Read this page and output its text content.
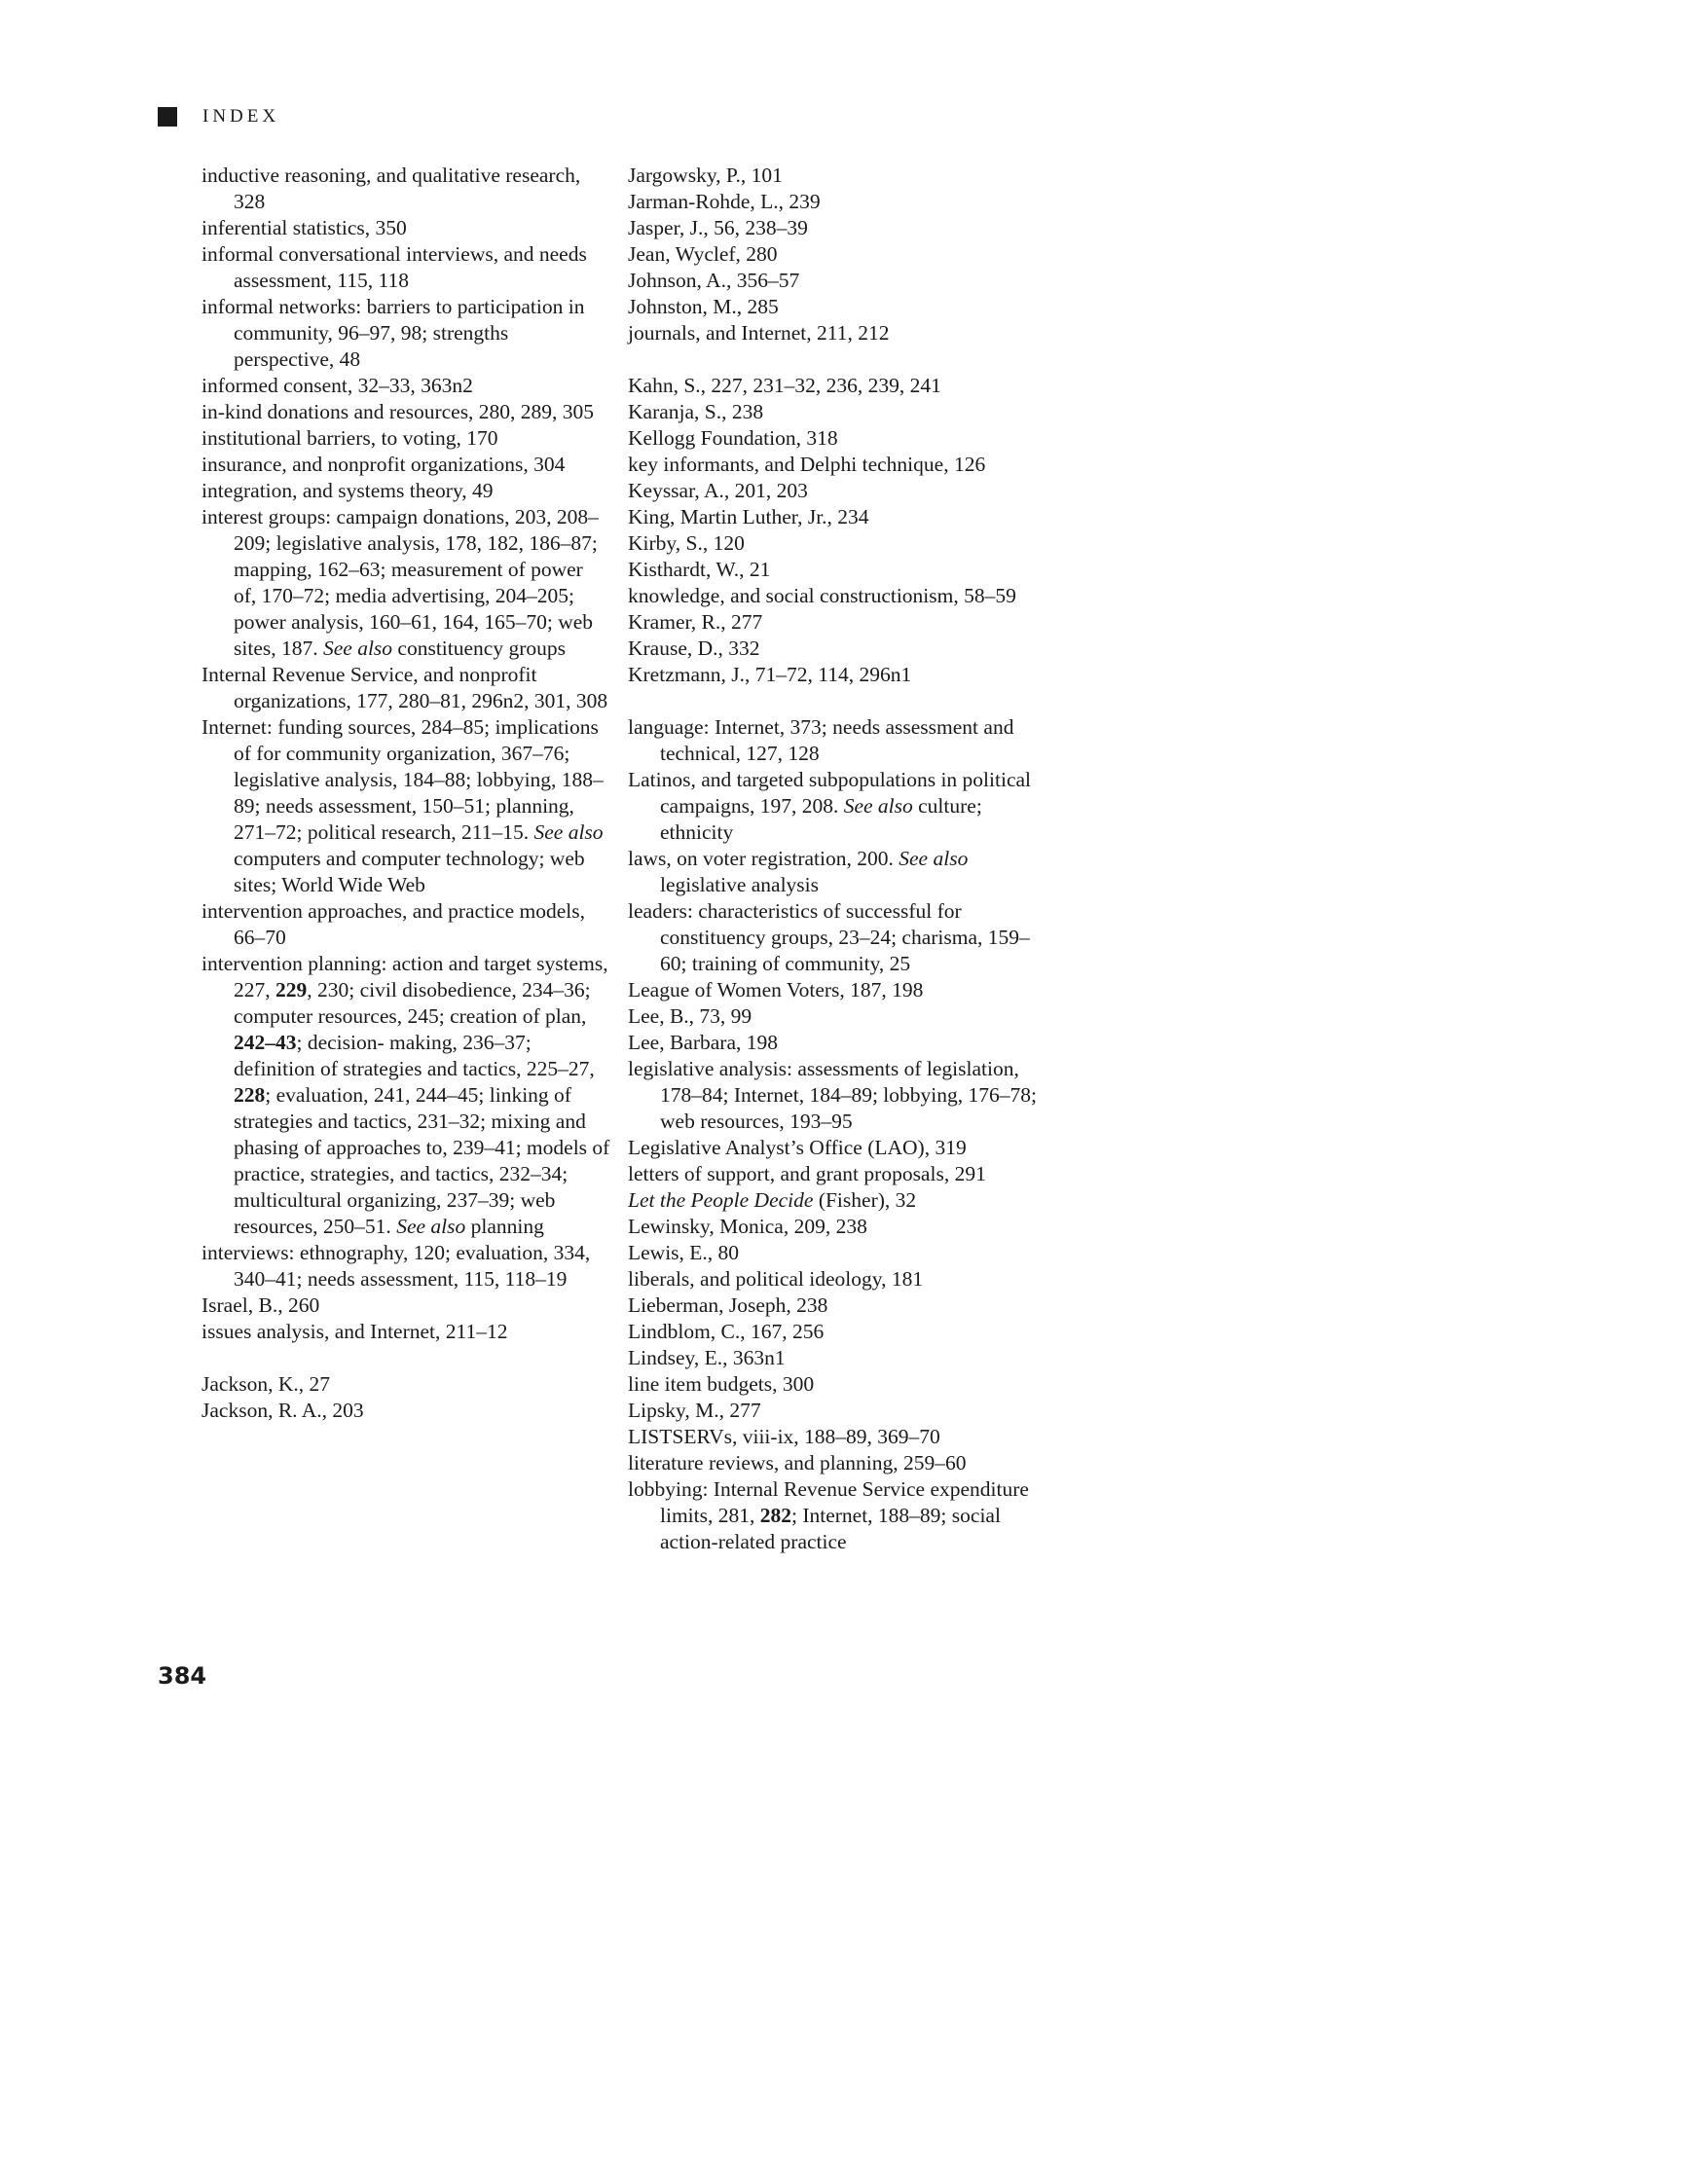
INDEX

inductive reasoning, and qualitative research, 328

inferential statistics, 350

informal conversational interviews, and needs assessment, 115, 118

informal networks: barriers to participation in community, 96–97, 98; strengths perspective, 48

informed consent, 32–33, 363n2

in-kind donations and resources, 280, 289, 305

institutional barriers, to voting, 170

insurance, and nonprofit organizations, 304

integration, and systems theory, 49

interest groups: campaign donations, 203, 208–209; legislative analysis, 178, 182, 186–87; mapping, 162–63; measurement of power of, 170–72; media advertising, 204–205; power analysis, 160–61, 164, 165–70; web sites, 187. See also constituency groups

Internal Revenue Service, and nonprofit organizations, 177, 280–81, 296n2, 301, 308

Internet: funding sources, 284–85; implications of for community organization, 367–76; legislative analysis, 184–88; lobbying, 188–89; needs assessment, 150–51; planning, 271–72; political research, 211–15. See also computers and computer technology; web sites; World Wide Web

intervention approaches, and practice models, 66–70

intervention planning: action and target systems, 227, 229, 230; civil disobedience, 234–36; computer resources, 245; creation of plan, 242–43; decision- making, 236–37; definition of strategies and tactics, 225–27, 228; evaluation, 241, 244–45; linking of strategies and tactics, 231–32; mixing and phasing of approaches to, 239–41; models of practice, strategies, and tactics, 232–34; multicultural organizing, 237–39; web resources, 250–51. See also planning

interviews: ethnography, 120; evaluation, 334, 340–41; needs assessment, 115, 118–19

Israel, B., 260

issues analysis, and Internet, 211–12

Jackson, K., 27

Jackson, R. A., 203

Jargowsky, P., 101

Jarman-Rohde, L., 239

Jasper, J., 56, 238–39

Jean, Wyclef, 280

Johnson, A., 356–57

Johnston, M., 285

journals, and Internet, 211, 212

Kahn, S., 227, 231–32, 236, 239, 241

Karanja, S., 238

Kellogg Foundation, 318

key informants, and Delphi technique, 126

Keyssar, A., 201, 203

King, Martin Luther, Jr., 234

Kirby, S., 120

Kisthardt, W., 21

knowledge, and social constructionism, 58–59

Kramer, R., 277

Krause, D., 332

Kretzmann, J., 71–72, 114, 296n1

language: Internet, 373; needs assessment and technical, 127, 128

Latinos, and targeted subpopulations in political campaigns, 197, 208. See also culture; ethnicity

laws, on voter registration, 200. See also legislative analysis

leaders: characteristics of successful for constituency groups, 23–24; charisma, 159–60; training of community, 25

League of Women Voters, 187, 198

Lee, B., 73, 99

Lee, Barbara, 198

legislative analysis: assessments of legislation, 178–84; Internet, 184–89; lobbying, 176–78; web resources, 193–95

Legislative Analyst’s Office (LAO), 319

letters of support, and grant proposals, 291

Let the People Decide (Fisher), 32

Lewinsky, Monica, 209, 238

Lewis, E., 80

liberals, and political ideology, 181

Lieberman, Joseph, 238

Lindblom, C., 167, 256

Lindsey, E., 363n1

line item budgets, 300

Lipsky, M., 277

LISTSERVs, viii-ix, 188–89, 369–70

literature reviews, and planning, 259–60

lobbying: Internal Revenue Service expenditure limits, 281, 282; Internet, 188–89; social action-related practice

384
